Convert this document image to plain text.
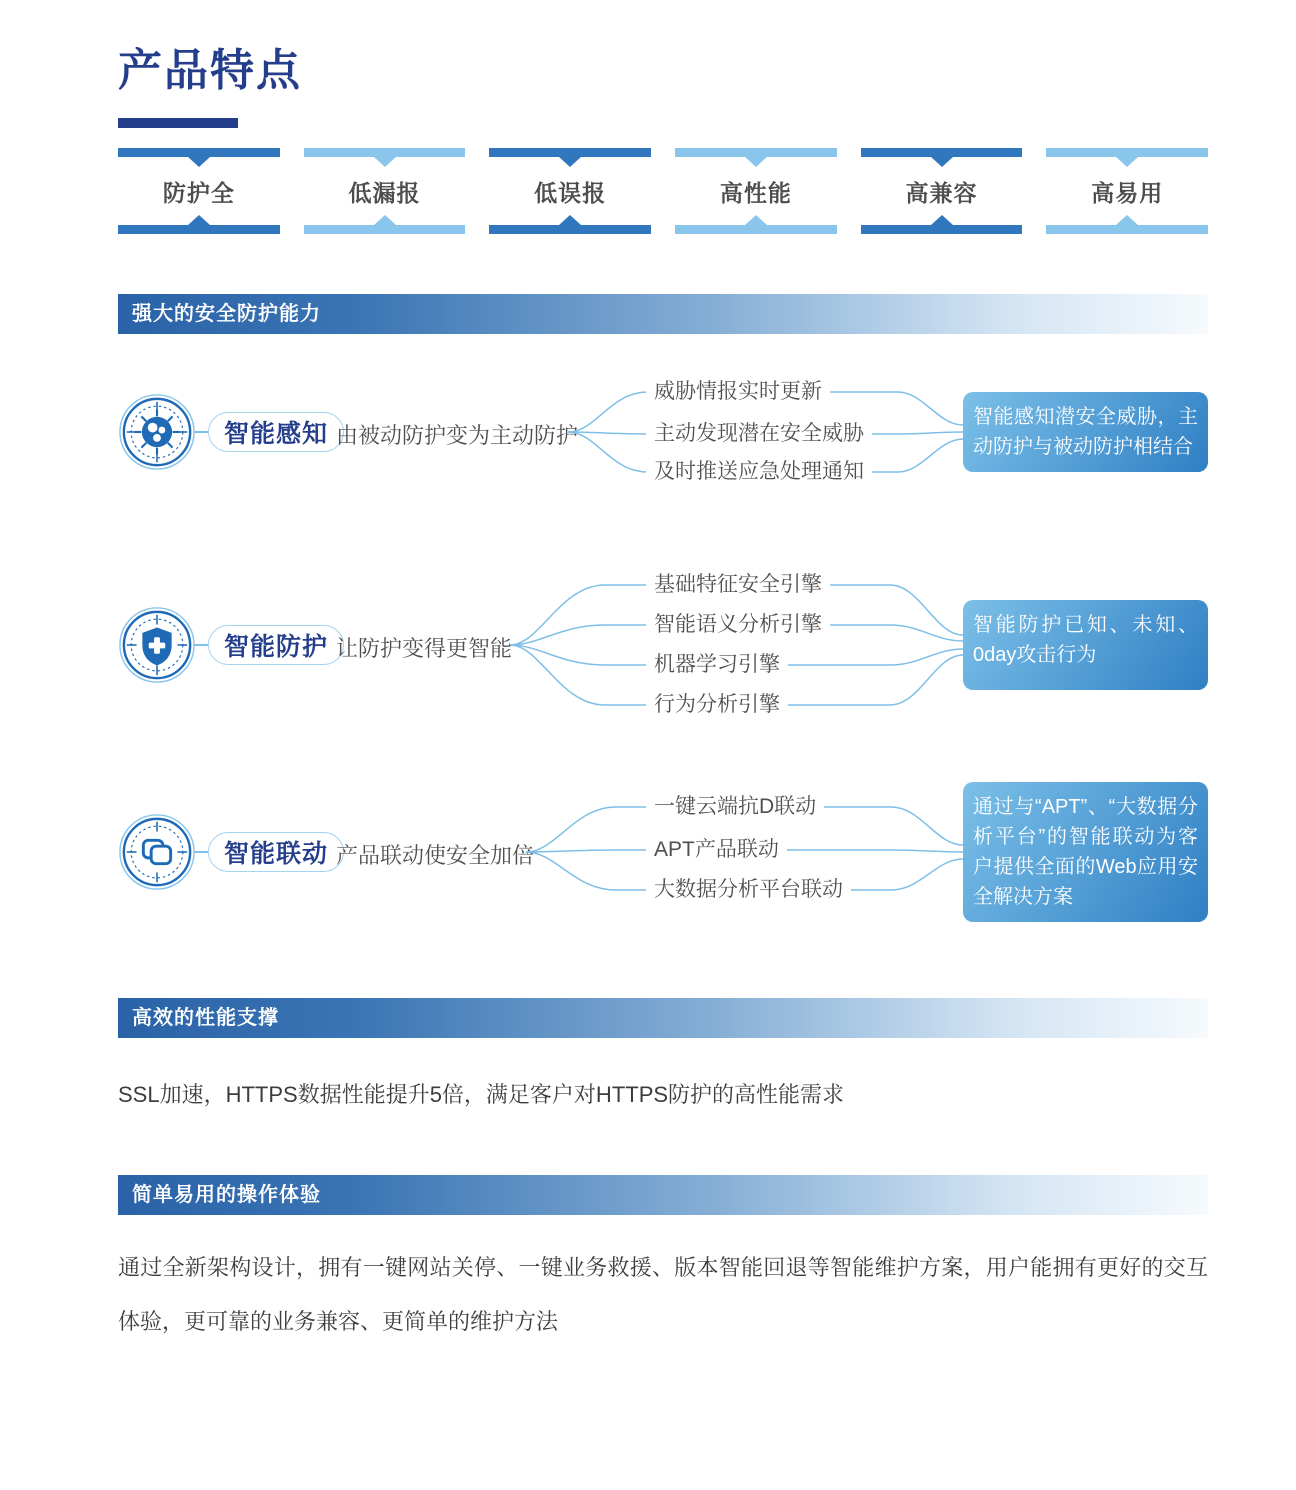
产品特点
防护全	低漏报	低误报	高性能	高兼容	高易用
强大的安全防护能力
智能感知 由被动防护变为主动防护
威胁情报实时更新
主动发现潜在安全威胁
及时推送应急处理通知
智能感知潜安全威胁，主动防护与被动防护相结合
智能防护 让防护变得更智能
基础特征安全引擎
智能语义分析引擎
机器学习引擎
行为分析引擎
智能防护已知、未知、0day攻击行为
智能联动 产品联动使安全加倍
一键云端抗D联动
APT产品联动
大数据分析平台联动
通过与“APT”、“大数据分析平台”的智能联动为客户提供全面的Web应用安全解决方案
高效的性能支撑

SSL加速，HTTPS数据性能提升5倍，满足客户对HTTPS防护的高性能需求

简单易用的操作体验

通过全新架构设计，拥有一键网站关停、一键业务救援、版本智能回退等智能维护方案，用户能拥有更好的交互体验，更可靠的业务兼容、更简单的维护方法
